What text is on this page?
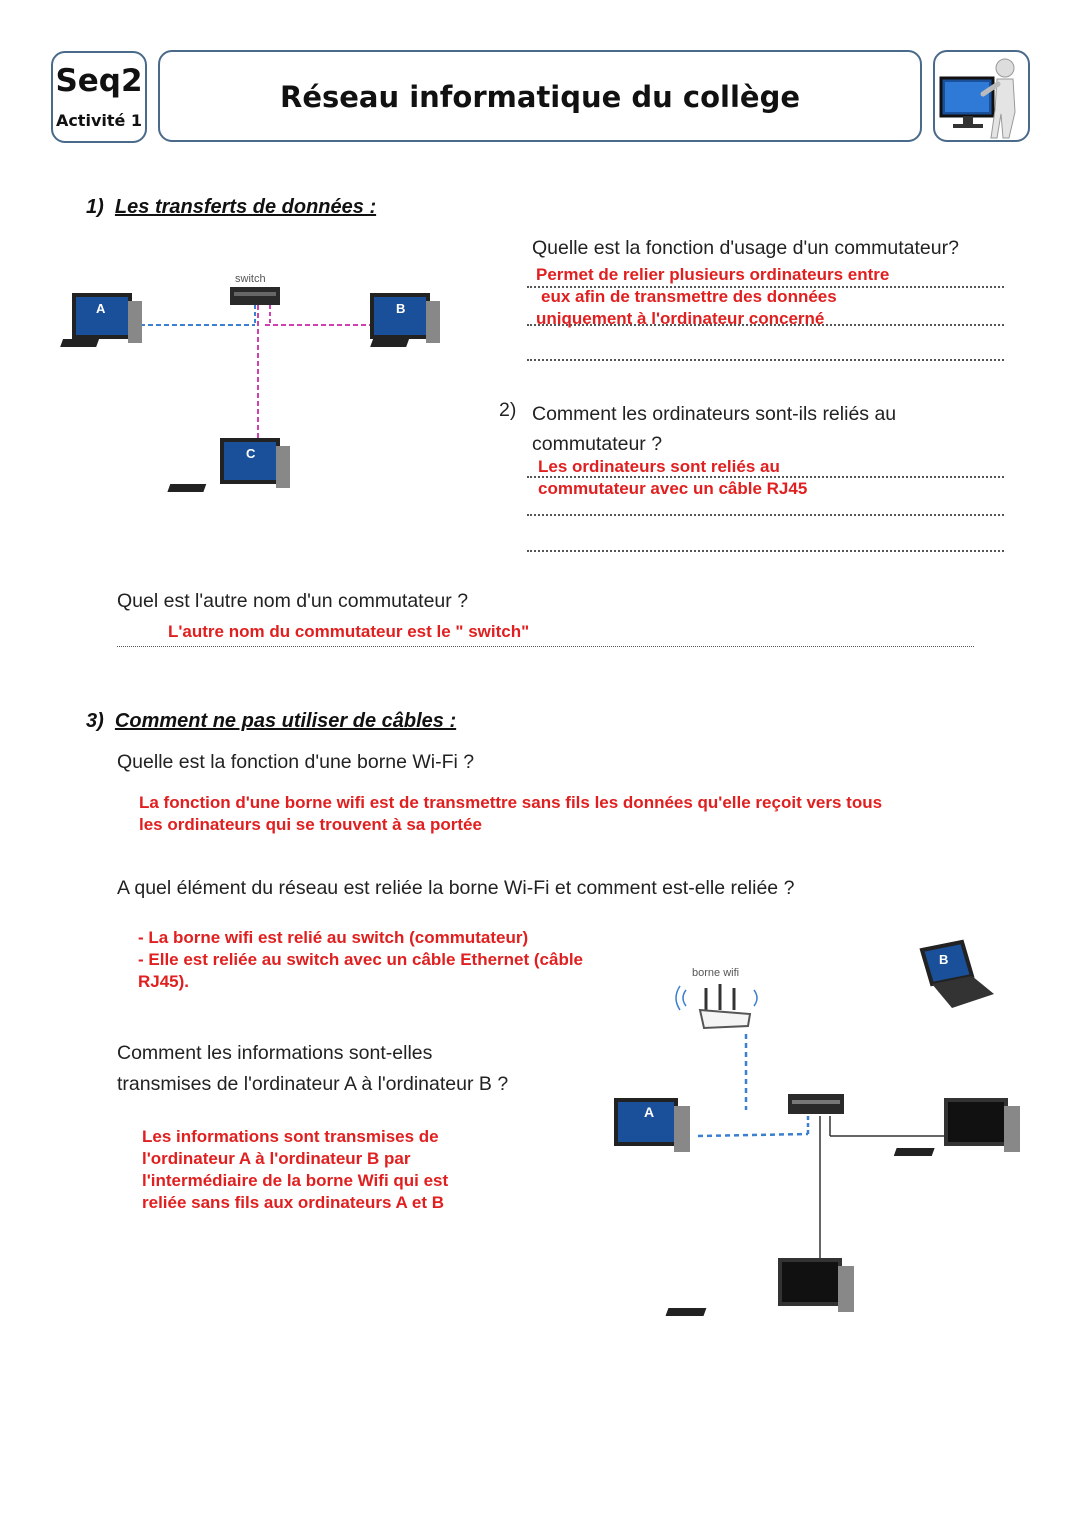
Seq2
Activité 1
Réseau informatique du collège
1) Les transferts de données :
switch
A	B
C
Quelle est la fonction d'usage d'un commutateur?
Permet de relier plusieurs ordinateurs entre
eux afin de transmettre des données
uniquement à l'ordinateur concerné
2) Comment les ordinateurs sont-ils reliés au
commutateur ?
Les ordinateurs sont reliés au
commutateur avec un câble RJ45
Quel est l'autre nom d'un commutateur ?
L'autre nom du commutateur est le " switch"
3) Comment ne pas utiliser de câbles :
Quelle est la fonction d'une borne Wi-Fi ?
La fonction d'une borne wifi est de transmettre sans fils les données qu'elle reçoit vers tous
les ordinateurs qui se trouvent à sa portée
A quel élément du réseau est reliée la borne Wi-Fi et comment est-elle reliée ?
- La borne wifi est relié au switch (commutateur)
- Elle est reliée au switch avec un câble Ethernet (câble
RJ45).
Comment les informations sont-elles
transmises de l'ordinateur A à l'ordinateur B ?
Les informations sont transmises de
l'ordinateur A à l'ordinateur B par
l'intermédiaire de la borne Wifi qui est
reliée sans fils aux ordinateurs A et B
borne wifi
A
B
